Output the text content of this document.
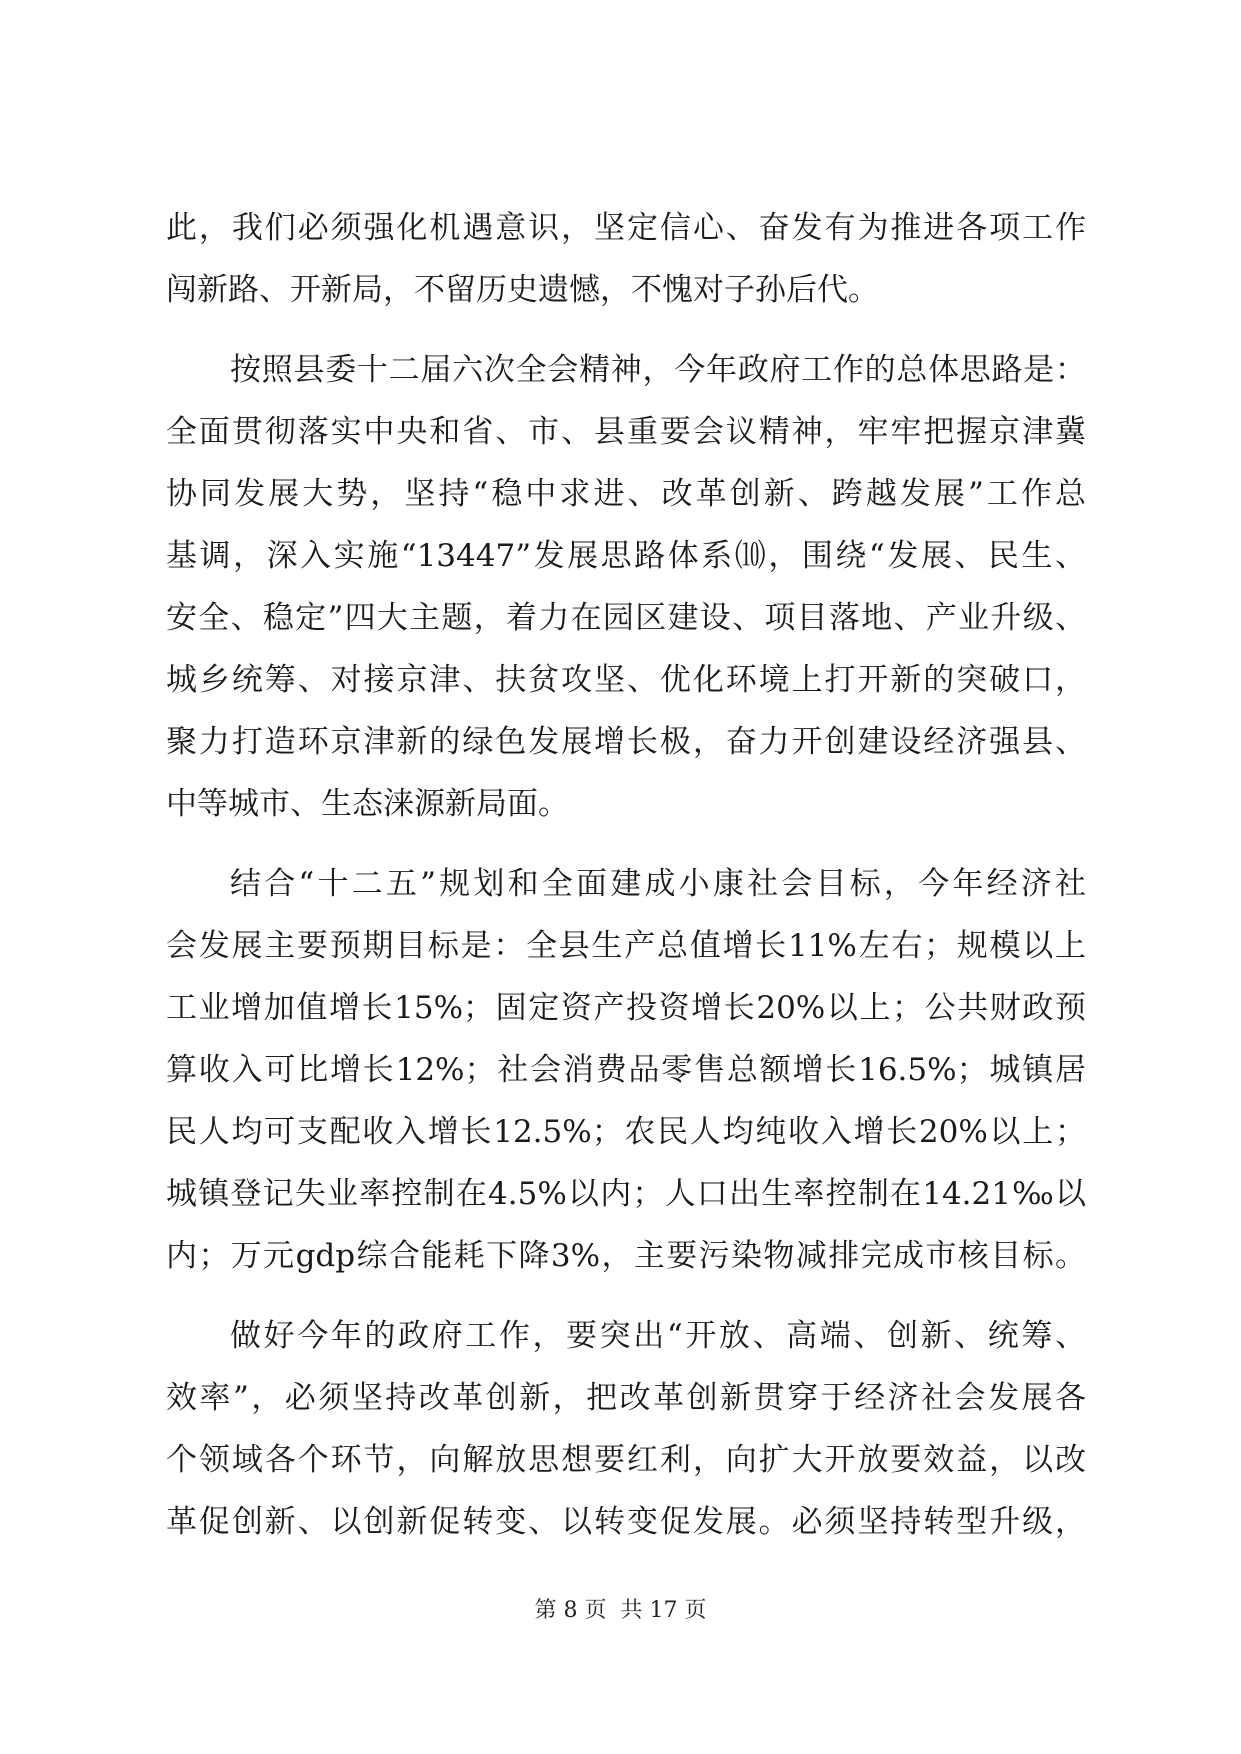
此，我们必须强化机遇意识，坚定信心、奋发有为推进各项工作
闯新路、开新局，不留历史遗憾，不愧对子孙后代。
按照县委十二届六次全会精神，今年政府工作的总体思路是：
全面贯彻落实中央和省、市、县重要会议精神，牢牢把握京津冀
协同发展大势，坚持“稳中求进、改革创新、跨越发展”工作总
基调，深入实施“13447”发展思路体系⑽，围绕“发展、民生、
安全、稳定”四大主题，着力在园区建设、项目落地、产业升级、
城乡统筹、对接京津、扶贫攻坚、优化环境上打开新的突破口，
聚力打造环京津新的绿色发展增长极，奋力开创建设经济强县、
中等城市、生态涞源新局面。
结合“十二五”规划和全面建成小康社会目标，今年经济社
会发展主要预期目标是：全县生产总值增长11%左右；规模以上
工业增加值增长15%；固定资产投资增长20%以上；公共财政预
算收入可比增长12%；社会消费品零售总额增长16.5%；城镇居
民人均可支配收入增长12.5%；农民人均纯收入增长20%以上；
城镇登记失业率控制在4.5%以内；人口出生率控制在14.21‰以
内；万元gdp综合能耗下降3%，主要污染物减排完成市核目标。
做好今年的政府工作，要突出“开放、高端、创新、统筹、
效率”，必须坚持改革创新，把改革创新贯穿于经济社会发展各
个领域各个环节，向解放思想要红利，向扩大开放要效益，以改
革促创新、以创新促转变、以转变促发展。必须坚持转型升级，
第 8 页  共 17 页
